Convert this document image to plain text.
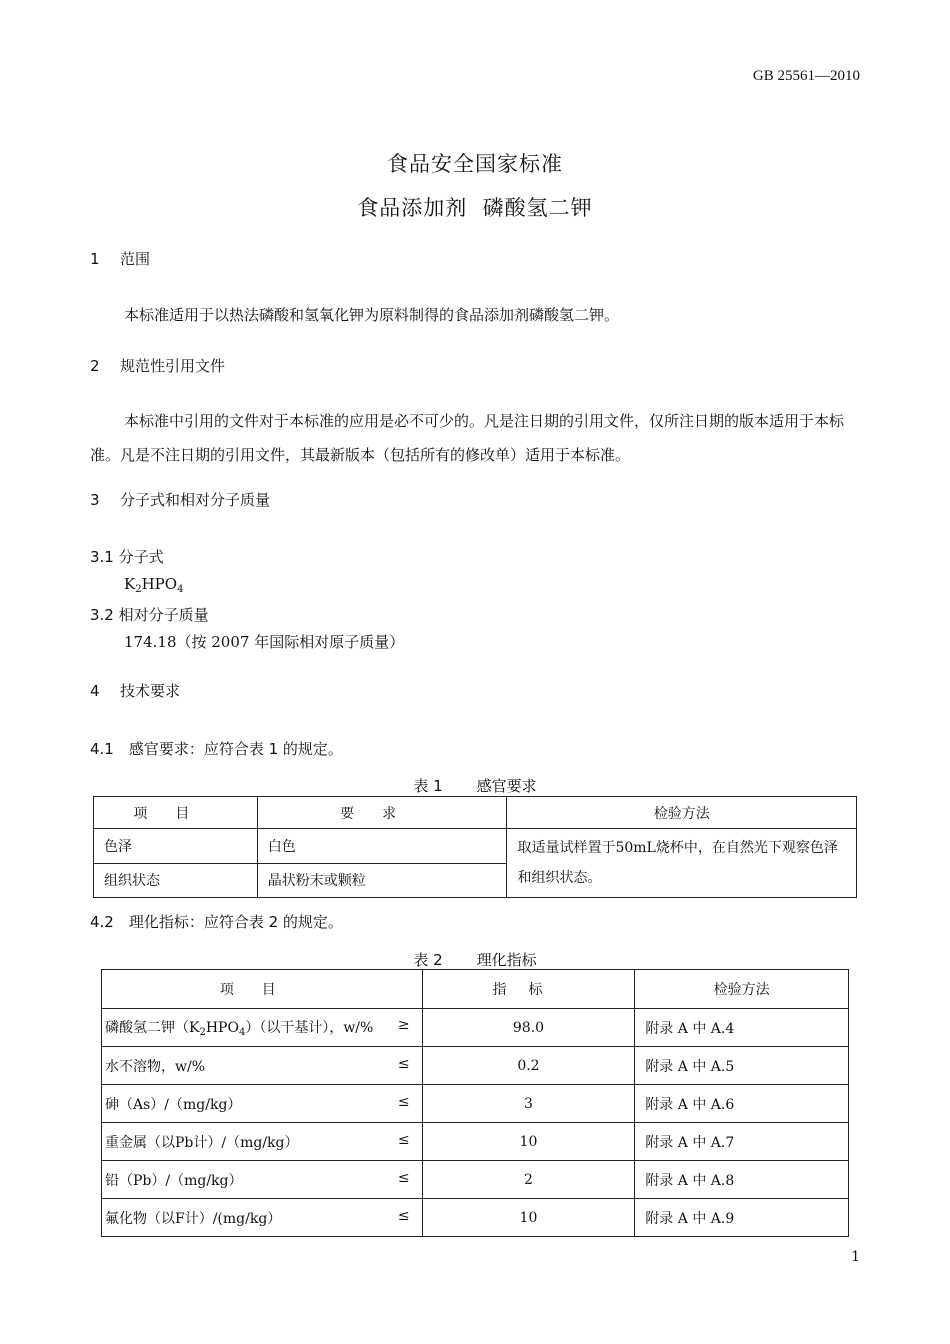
GB 25561—2010
食品安全国家标准
食品添加剂  磷酸氢二钾
1 范围
本标准适用于以热法磷酸和氢氧化钾为原料制得的食品添加剂磷酸氢二钾。
2 规范性引用文件
本标准中引用的文件对于本标准的应用是必不可少的。凡是注日期的引用文件，仅所注日期的版本适用于本标准。凡是不注日期的引用文件，其最新版本（包括所有的修改单）适用于本标准。
3 分子式和相对分子质量
3.1 分子式
$K_2HPO_4$
3.2 相对分子质量
174.18（按 2007 年国际相对原子质量）
4 技术要求
4.1　感官要求：应符合表 1 的规定。
表 1 感官要求
项目	要求	检验方法
色泽	白色	取适量试样置于50mL烧杯中，在自然光下观察色泽和组织状态。
组织状态	晶状粉末或颗粒	
4.2　理化指标：应符合表 2 的规定。
表 2 理化指标
项目	指标	检验方法
磷酸氢二钾$(K_2HPO_4)$（以干基计），w/% ≥	98.0	附录 A 中 A.4
水不溶物，w/% ≤	0.2	附录 A 中 A.5
砷（As）/（mg/kg） ≤	3	附录 A 中 A.6
重金属（以Pb计）/（mg/kg） ≤	10	附录 A 中 A.7
铅（Pb）/（mg/kg） ≤	2	附录 A 中 A.8
氟化物（以F计）/(mg/kg） ≤	10	附录 A 中 A.9
1
